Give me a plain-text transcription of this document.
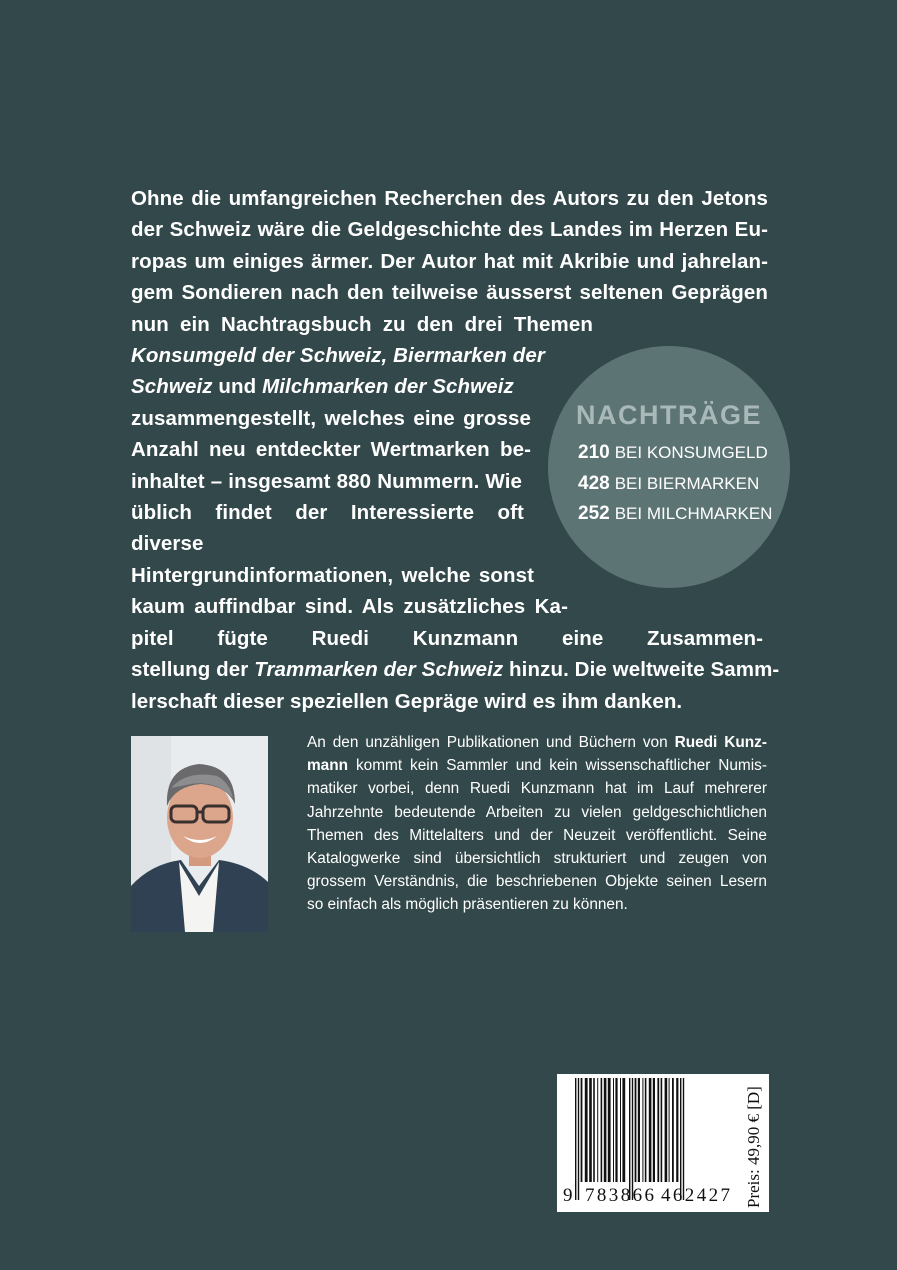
Ohne die umfangreichen Recherchen des Autors zu den Jetons
der Schweiz wäre die Geldgeschichte des Landes im Herzen Eu-
ropas um einiges ärmer. Der Autor hat mit Akribie und jahrelan-
gem Sondieren nach den teilweise äusserst seltenen Geprägen
nun ein Nachtragsbuch zu den drei Themen
Konsumgeld der Schweiz, Biermarken der
Schweiz und Milchmarken der Schweiz
zusammengestellt, welches eine grosse
Anzahl neu entdeckter Wertmarken be-
inhaltet – insgesamt 880 Nummern. Wie
üblich findet der Interessierte oft diverse
Hintergrundinformationen, welche sonst
kaum auffindbar sind. Als zusätzliches Ka-
pitel fügte Ruedi Kunzmann eine Zusammen-
stellung der Trammarken der Schweiz hinzu. Die weltweite Samm-
lerschaft dieser speziellen Gepräge wird es ihm danken.
NACHTRÄGE
210 BEI KONSUMGELD
428 BEI BIERMARKEN
252 BEI MILCHMARKEN
An den unzähligen Publikationen und Büchern von Ruedi Kunz-
mann kommt kein Sammler und kein wissenschaftlicher Numis-
matiker vorbei, denn Ruedi Kunzmann hat im Lauf mehrerer
Jahrzehnte bedeutende Arbeiten zu vielen geldgeschichtlichen
Themen des Mittelalters und der Neuzeit veröffentlicht. Seine
Katalogwerke sind übersichtlich strukturiert und zeugen von
grossem Verständnis, die beschriebenen Objekte seinen Lesern
so einfach als möglich präsentieren zu können.
9 783866 462427 Preis: 49,90 € [D]
